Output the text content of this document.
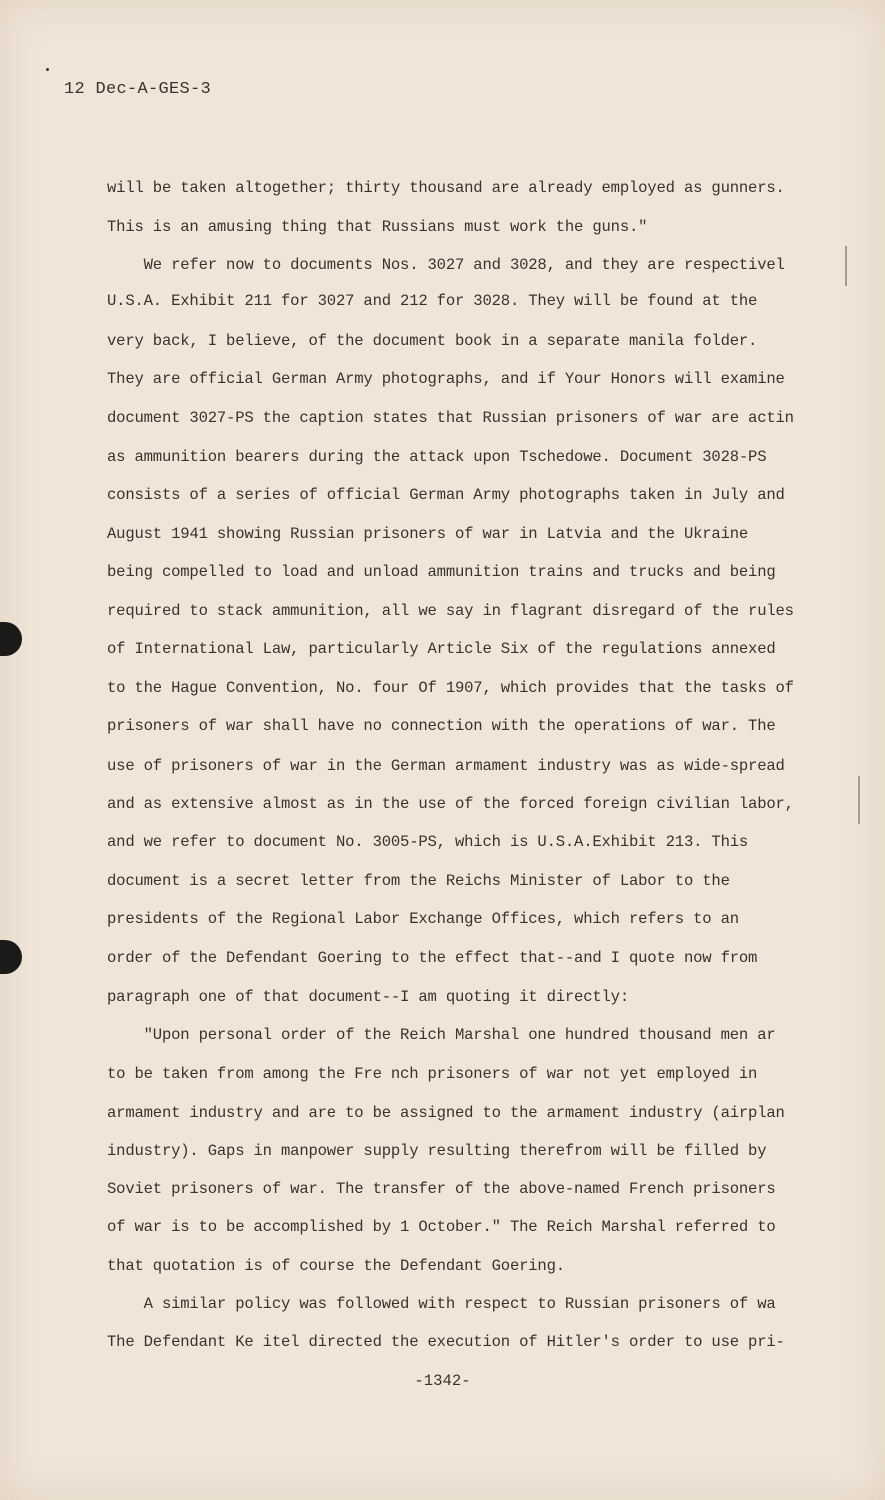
12 Dec-A-GES-3
will be taken altogether; thirty thousand are already employed as gunners.
This is an amusing thing that Russians must work the guns."
We refer now to documents Nos. 3027 and 3028, and they are respectivel
U.S.A. Exhibit 211 for 3027 and 212 for 3028. They will be found at the
very back, I believe, of the document book in a separate manila folder.
They are official German Army photographs, and if Your Honors will examine
document 3027-PS the caption states that Russian prisoners of war are actin
as ammunition bearers during the attack upon Tschedowe. Document 3028-PS
consists of a series of official German Army photographs taken in July and
August 1941 showing Russian prisoners of war in Latvia and the Ukraine
being compelled to load and unload ammunition trains and trucks and being
required to stack ammunition, all we say in flagrant disregard of the rules
of International Law, particularly Article Six of the regulations annexed
to the Hague Convention, No. four Of 1907, which provides that the tasks of
prisoners of war shall have no connection with the operations of war. The
use of prisoners of war in the German armament industry was as wide-spread
and as extensive almost as in the use of the forced foreign civilian labor,
and we refer to document No. 3005-PS, which is U.S.A.Exhibit 213. This
document is a secret letter from the Reichs Minister of Labor to the
presidents of the Regional Labor Exchange Offices, which refers to an
order of the Defendant Goering to the effect that--and I quote now from
paragraph one of that document--I am quoting it directly:
"Upon personal order of the Reich Marshal one hundred thousand men ar
to be taken from among the Fre nch prisoners of war not yet employed in
armament industry and are to be assigned to the armament industry (airplan
industry). Gaps in manpower supply resulting therefrom will be filled by
Soviet prisoners of war. The transfer of the above-named French prisoners
of war is to be accomplished by 1 October." The Reich Marshal referred to
that quotation is of course the Defendant Goering.
A similar policy was followed with respect to Russian prisoners of wa
The Defendant Ke itel directed the execution of Hitler's order to use pri-
-1342-
